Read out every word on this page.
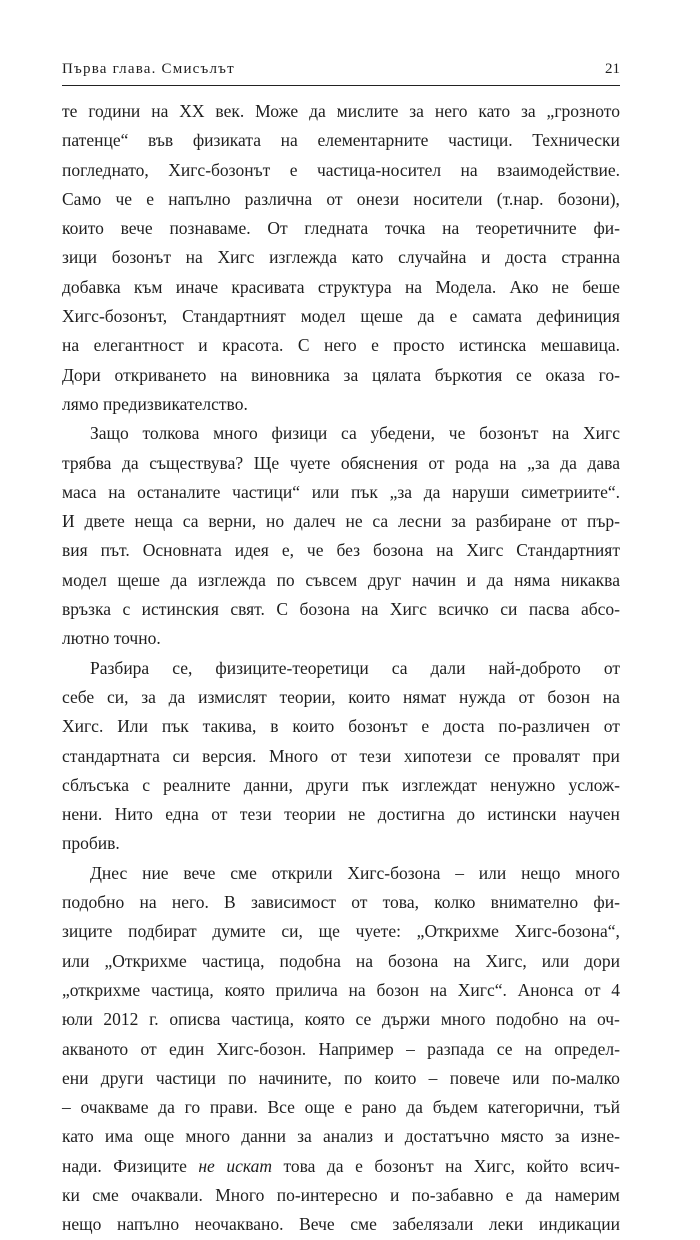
Първа глава. Смисълът	21
те години на XX век. Може да мислите за него като за „грозното
патенце“ във физиката на елементарните частици. Технически
погледнато, Хигс-бозонът е частица-носител на взаимодействие.
Само че е напълно различна от онези носители (т.нар. бозони),
които вече познаваме. От гледната точка на теоретичните фи-
зици бозонът на Хигс изглежда като случайна и доста странна
добавка към иначе красивата структура на Модела. Ако не беше
Хигс-бозонът, Стандартният модел щеше да е самата дефиниция
на елегантност и красота. С него е просто истинска мешавица.
Дори откриването на виновника за цялата бъркотия се оказа го-
лямо предизвикателство.
Защо толкова много физици са убедени, че бозонът на Хигс
трябва да съществува? Ще чуете обяснения от рода на „за да дава
маса на останалите частици“ или пък „за да наруши симетриите“.
И двете неща са верни, но далеч не са лесни за разбиране от пър-
вия път. Основната идея е, че без бозона на Хигс Стандартният
модел щеше да изглежда по съвсем друг начин и да няма никаква
връзка с истинския свят. С бозона на Хигс всичко си пасва абсо-
лютно точно.
Разбира се, физиците-теоретици са дали най-доброто от
себе си, за да измислят теории, които нямат нужда от бозон на
Хигс. Или пък такива, в които бозонът е доста по-различен от
стандартната си версия. Много от тези хипотези се провалят при
сблъсъка с реалните данни, други пък изглеждат ненужно услож-
нени. Нито една от тези теории не достигна до истински научен
пробив.
Днес ние вече сме открили Хигс-бозона – или нещо много
подобно на него. В зависимост от това, колко внимателно фи-
зиците подбират думите си, ще чуете: „Открихме Хигс-бозона“,
или „Открихме частица, подобна на бозона на Хигс, или дори
„открихме частица, която прилича на бозон на Хигс“. Анонса от 4
юли 2012 г. описва частица, която се държи много подобно на оч-
акваното от един Хигс-бозон. Например – разпада се на определ-
ени други частици по начините, по които – повече или по-малко
– очакваме да го прави. Все още е рано да бъдем категорични, тъй
като има още много данни за анализ и достатъчно място за изне-
нади. Физиците не искат това да е бозонът на Хигс, който всич-
ки сме очаквали. Много по-интересно и по-забавно е да намерим
нещо напълно неочаквано. Вече сме забелязали леки индикации
